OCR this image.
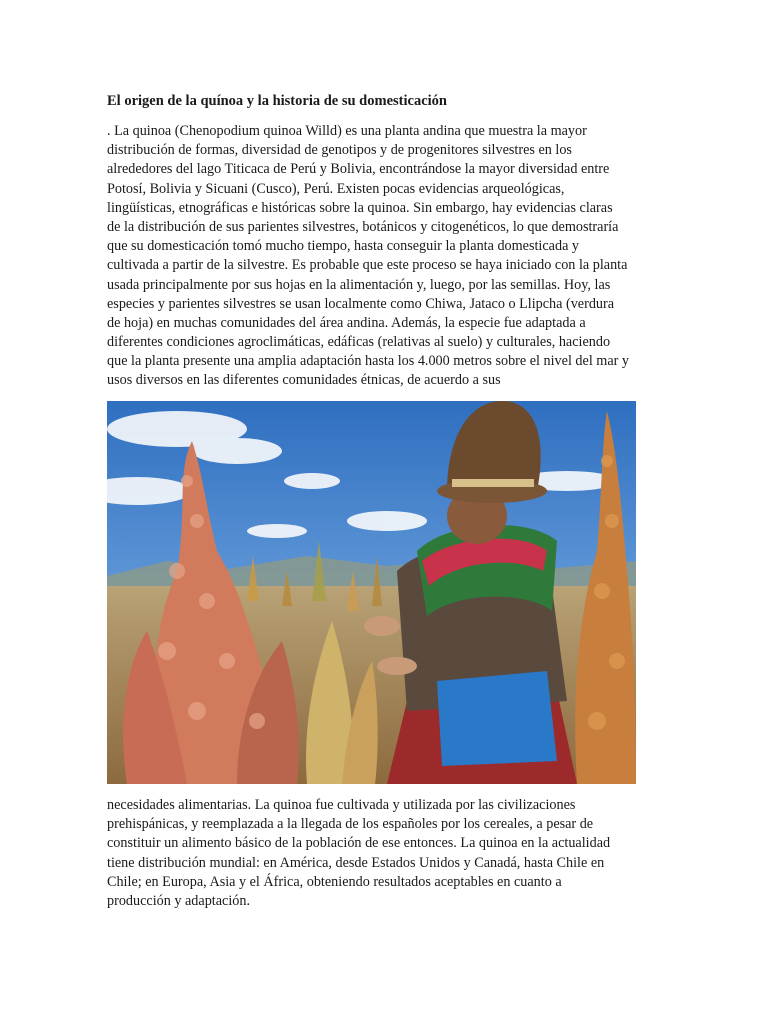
El origen de la quínoa y la historia de su domesticación
. La quinoa (Chenopodium quinoa Willd) es una planta andina que muestra la mayor
distribución de formas, diversidad de genotipos y de progenitores silvestres en los
alrededores del lago Titicaca de Perú y Bolivia, encontrándose la mayor diversidad entre
Potosí, Bolivia y Sicuani (Cusco), Perú. Existen pocas evidencias arqueológicas,
lingüísticas, etnográficas e históricas sobre la quinoa. Sin embargo, hay evidencias claras
de la distribución de sus parientes silvestres, botánicos y citogenéticos, lo que demostraría
que su domesticación tomó mucho tiempo, hasta conseguir la planta domesticada y
cultivada a partir de la silvestre. Es probable que este proceso se haya iniciado con la planta
usada principalmente por sus hojas en la alimentación y, luego, por las semillas. Hoy, las
especies y parientes silvestres se usan localmente como Chiwa, Jataco o Llipcha (verdura
de hoja) en muchas comunidades del área andina. Además, la especie fue adaptada a
diferentes condiciones agroclimáticas, edáficas (relativas al suelo) y culturales, haciendo
que la planta presente una amplia adaptación hasta los 4.000 metros sobre el nivel del mar y
usos diversos en las diferentes comunidades étnicas, de acuerdo a sus
necesidades alimentarias. La quinoa fue cultivada y utilizada por las civilizaciones
prehispánicas, y reemplazada a la llegada de los españoles por los cereales, a pesar de
constituir un alimento básico de la población de ese entonces. La quinoa en la actualidad
tiene distribución mundial: en América, desde Estados Unidos y Canadá, hasta Chile en
Chile; en Europa, Asia y el África, obteniendo resultados aceptables en cuanto a
producción y adaptación.
